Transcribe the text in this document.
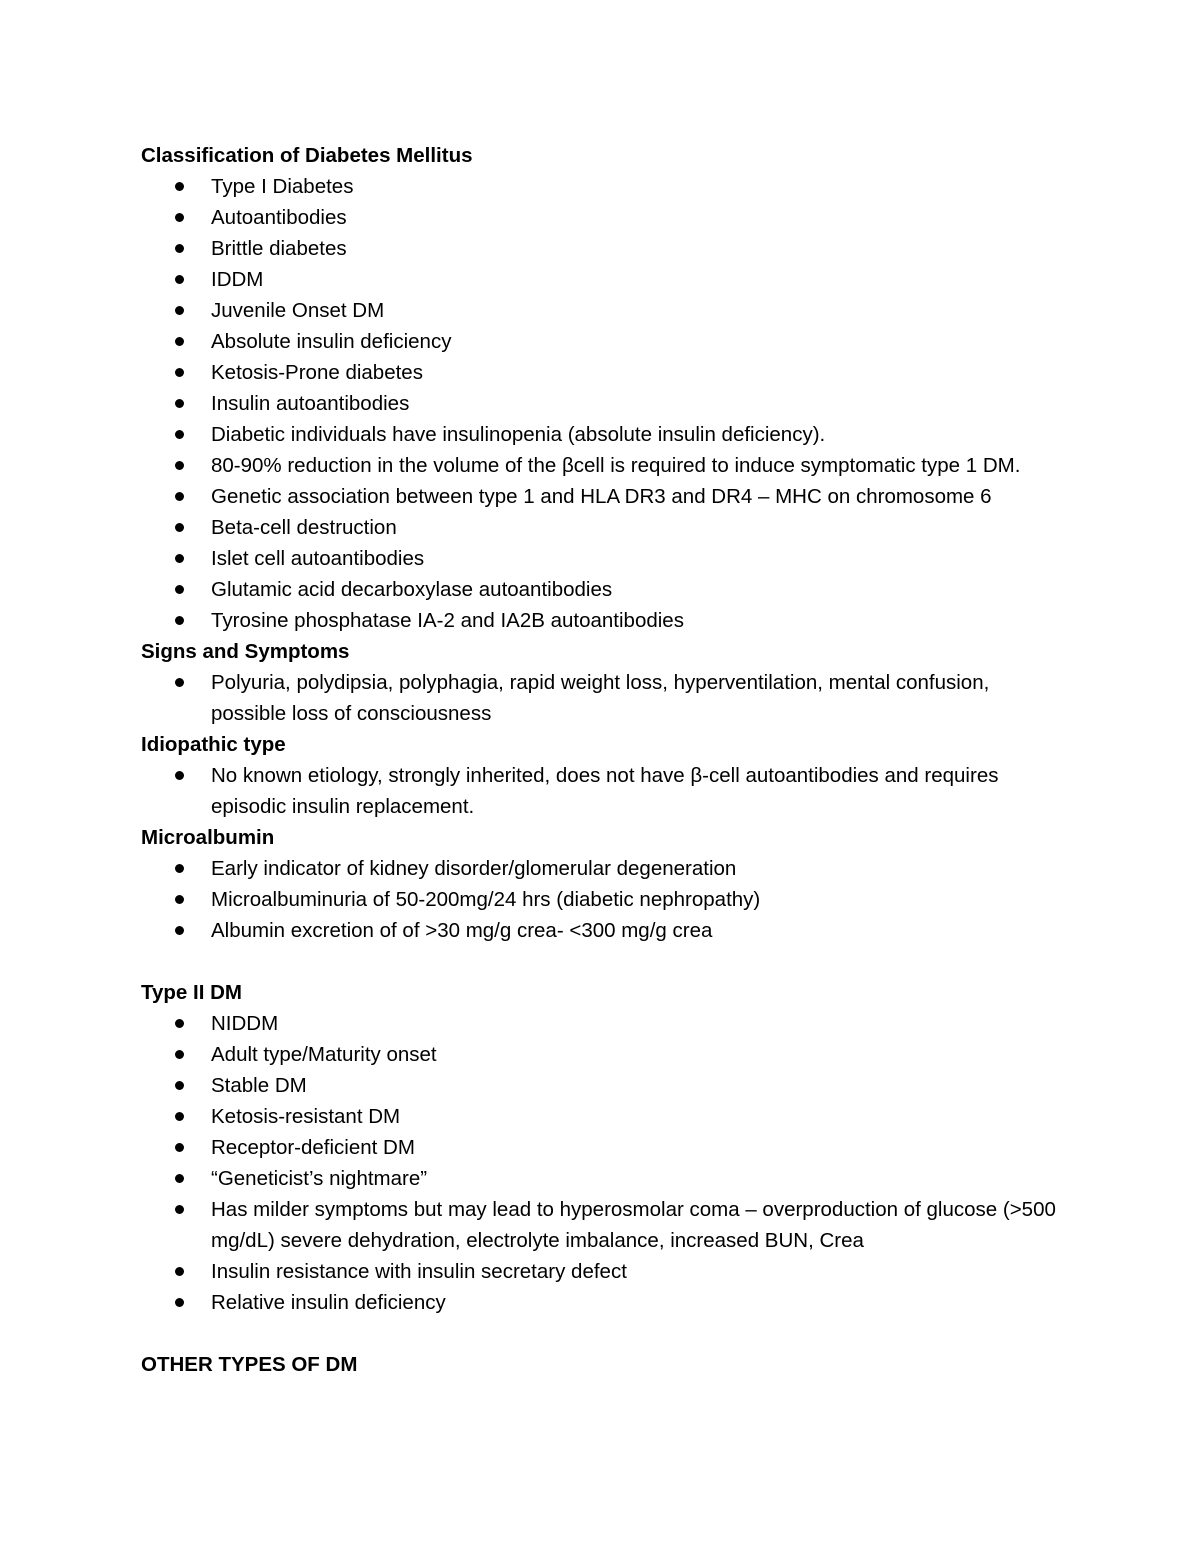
Classification of Diabetes Mellitus
Type I Diabetes
Autoantibodies
Brittle diabetes
IDDM
Juvenile Onset DM
Absolute insulin deficiency
Ketosis-Prone diabetes
Insulin autoantibodies
Diabetic individuals have insulinopenia (absolute insulin deficiency).
80-90% reduction in the volume of the βcell is required to induce symptomatic type 1 DM.
Genetic association between type 1 and HLA DR3 and DR4 – MHC on chromosome 6
Beta-cell destruction
Islet cell autoantibodies
Glutamic acid decarboxylase autoantibodies
Tyrosine phosphatase IA-2 and IA2B autoantibodies
Signs and Symptoms
Polyuria, polydipsia, polyphagia, rapid weight loss, hyperventilation, mental confusion, possible loss of consciousness
Idiopathic type
No known etiology, strongly inherited, does not have β-cell autoantibodies and requires episodic insulin replacement.
Microalbumin
Early indicator of kidney disorder/glomerular degeneration
Microalbuminuria of 50-200mg/24 hrs (diabetic nephropathy)
Albumin excretion of of >30 mg/g crea- <300 mg/g crea
Type II DM
NIDDM
Adult type/Maturity onset
Stable DM
Ketosis-resistant DM
Receptor-deficient DM
“Geneticist’s nightmare”
Has milder symptoms but may lead to hyperosmolar coma – overproduction of glucose (>500 mg/dL) severe dehydration, electrolyte imbalance, increased BUN, Crea
Insulin resistance with insulin secretary defect
Relative insulin deficiency
OTHER TYPES OF DM
